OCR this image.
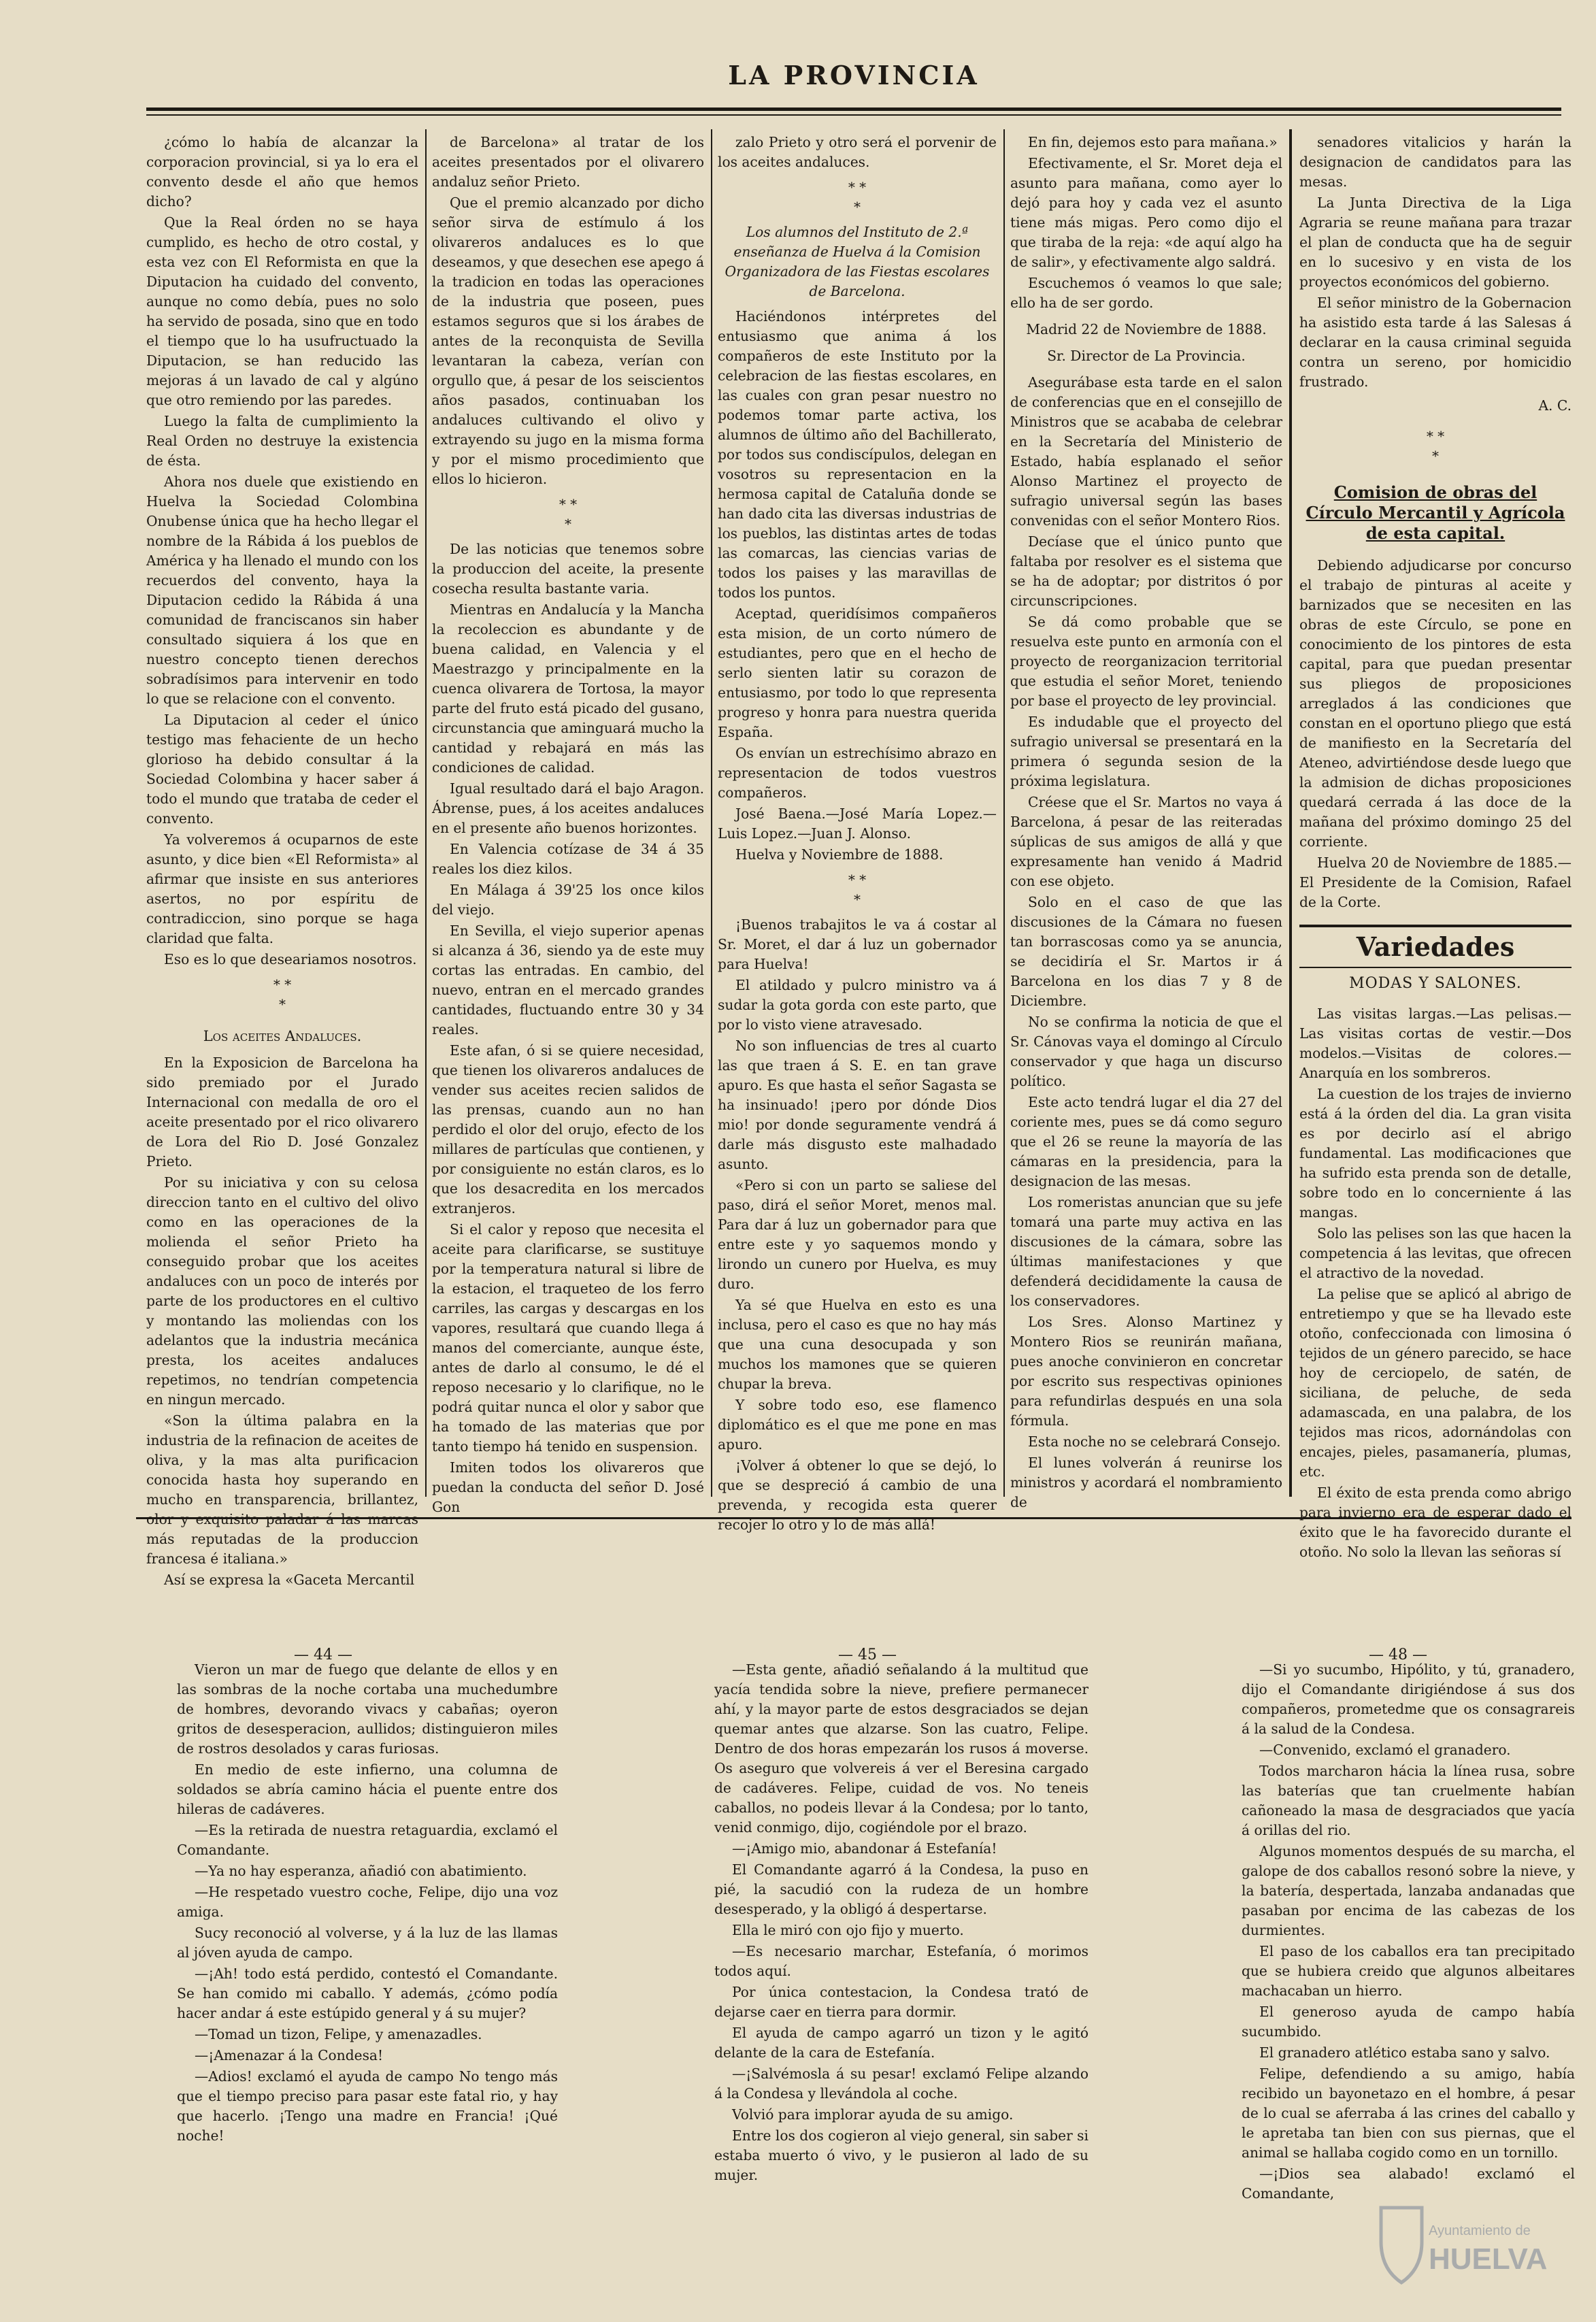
LA PROVINCIA

¿cómo lo había de alcanzar la corporacion provincial, si ya lo era el convento desde el año que hemos dicho?

Que la Real órden no se haya cumplido, es hecho de otro costal, y esta vez con El Reformista en que la Diputacion ha cuidado del convento, aunque no como debía, pues no solo ha servido de posada, sino que en todo el tiempo que lo ha usufructuado la Diputacion, se han reducido las mejoras á un lavado de cal y algúno que otro remiendo por las paredes.

Luego la falta de cumplimiento la Real Orden no destruye la existencia de ésta.

Ahora nos duele que existiendo en Huelva la Sociedad Colombina Onubense única que ha hecho llegar el nombre de la Rábida á los pueblos de América y ha llenado el mundo con los recuerdos del convento, haya la Diputacion cedido la Rábida á una comunidad de franciscanos sin haber consultado siquiera á los que en nuestro concepto tienen derechos sobradísimos para intervenir en todo lo que se relacione con el convento.

La Diputacion al ceder el único testigo mas fehaciente de un hecho glorioso ha debido consultar á la Sociedad Colombina y hacer saber á todo el mundo que trataba de ceder el convento.

Ya volveremos á ocuparnos de este asunto, y dice bien «El Reformista» al afirmar que insiste en sus anteriores asertos, no por espíritu de contradiccion, sino porque se haga claridad que falta.

Eso es lo que deseariamos nosotros.

* *
*

Los aceites Andaluces.

En la Exposicion de Barcelona ha sido premiado por el Jurado Internacional con medalla de oro el aceite presentado por el rico olivarero de Lora del Rio D. José Gonzalez Prieto.

Por su iniciativa y con su celosa direccion tanto en el cultivo del olivo como en las operaciones de la molienda el señor Prieto ha conseguido probar que los aceites andaluces con un poco de interés por parte de los productores en el cultivo y montando las moliendas con los adelantos que la industria mecánica presta, los aceites andaluces repetimos, no tendrían competencia en ningun mercado.

«Son la última palabra en la industria de la refinacion de aceites de oliva, y la mas alta purificacion conocida hasta hoy superando en mucho en transparencia, brillantez, olor y exquisito paladar á las marcas más reputadas de la produccion francesa é italiana.»

Así se expresa la «Gaceta Mercantil

de Barcelona» al tratar de los aceites presentados por el olivarero andaluz señor Prieto.

Que el premio alcanzado por dicho señor sirva de estímulo á los olivareros andaluces es lo que deseamos, y que desechen ese apego á la tradicion en todas las operaciones de la industria que poseen, pues estamos seguros que si los árabes de antes de la reconquista de Sevilla levantaran la cabeza, verían con orgullo que, á pesar de los seiscientos años pasados, continuaban los andaluces cultivando el olivo y extrayendo su jugo en la misma forma y por el mismo procedimiento que ellos lo hicieron.

* *
*

De las noticias que tenemos sobre la produccion del aceite, la presente cosecha resulta bastante varia.

Mientras en Andalucía y la Mancha la recoleccion es abundante y de buena calidad, en Valencia y el Maestrazgo y principalmente en la cuenca olivarera de Tortosa, la mayor parte del fruto está picado del gusano, circunstancia que aminguará mucho la cantidad y rebajará en más las condiciones de calidad.

Igual resultado dará el bajo Aragon. Ábrense, pues, á los aceites andaluces en el presente año buenos horizontes.

En Valencia cotízase de 34 á 35 reales los diez kilos.

En Málaga á 39'25 los once kilos del viejo.

En Sevilla, el viejo superior apenas si alcanza á 36, siendo ya de este muy cortas las entradas. En cambio, del nuevo, entran en el mercado grandes cantidades, fluctuando entre 30 y 34 reales.

Este afan, ó si se quiere necesidad, que tienen los olivareros andaluces de vender sus aceites recien salidos de las prensas, cuando aun no han perdido el olor del orujo, efecto de los millares de partículas que contienen, y por consiguiente no están claros, es lo que los desacredita en los mercados extranjeros.

Si el calor y reposo que necesita el aceite para clarificarse, se sustituye por la temperatura natural si libre de la estacion, el traqueteo de los ferro carriles, las cargas y descargas en los vapores, resultará que cuando llega á manos del comerciante, aunque éste, antes de darlo al consumo, le dé el reposo necesario y lo clarifique, no le podrá quitar nunca el olor y sabor que ha tomado de las materias que por tanto tiempo há tenido en suspension.

Imiten todos los olivareros que puedan la conducta del señor D. José Gon

zalo Prieto y otro será el porvenir de los aceites andaluces.

* *
*

Los alumnos del Instituto de 2.ª enseñanza de Huelva á la Comision Organizadora de las Fiestas escolares de Barcelona.

Haciéndonos intérpretes del entusiasmo que anima á los compañeros de este Instituto por la celebracion de las fiestas escolares, en las cuales con gran pesar nuestro no podemos tomar parte activa, los alumnos de último año del Bachillerato, por todos sus condiscípulos, delegan en vosotros su representacion en la hermosa capital de Cataluña donde se han dado cita las diversas industrias de los pueblos, las distintas artes de todas las comarcas, las ciencias varias de todos los paises y las maravillas de todos los puntos.

Aceptad, queridísimos compañeros esta mision, de un corto número de estudiantes, pero que en el hecho de serlo sienten latir su corazon de entusiasmo, por todo lo que representa progreso y honra para nuestra querida España.

Os envían un estrechísimo abrazo en representacion de todos vuestros compañeros.

José Baena.—José María Lopez.—Luis Lopez.—Juan J. Alonso.

Huelva y Noviembre de 1888.

* *
*

¡Buenos trabajitos le va á costar al Sr. Moret, el dar á luz un gobernador para Huelva!

El atildado y pulcro ministro va á sudar la gota gorda con este parto, que por lo visto viene atravesado.

No son influencias de tres al cuarto las que traen á S. E. en tan grave apuro. Es que hasta el señor Sagasta se ha insinuado! ¡pero por dónde Dios mio! por donde seguramente vendrá á darle más disgusto este malhadado asunto.

«Pero si con un parto se saliese del paso, dirá el señor Moret, menos mal. Para dar á luz un gobernador para que entre este y yo saquemos mondo y lirondo un cunero por Huelva, es muy duro.

Ya sé que Huelva en esto es una inclusa, pero el caso es que no hay más que una cuna desocupada y son muchos los mamones que se quieren chupar la breva.

Y sobre todo eso, ese flamenco diplomático es el que me pone en mas apuro.

¡Volver á obtener lo que se dejó, lo que se despreció á cambio de una prevenda, y recogida esta querer recojer lo otro y lo de más allá!

En fin, dejemos esto para mañana.»

Efectivamente, el Sr. Moret deja el asunto para mañana, como ayer lo dejó para hoy y cada vez el asunto tiene más migas. Pero como dijo el que tiraba de la reja: «de aquí algo ha de salir», y efectivamente algo saldrá.

Escuchemos ó veamos lo que sale; ello ha de ser gordo.

Madrid 22 de Noviembre de 1888.

Sr. Director de La Provincia.

Asegurábase esta tarde en el salon de conferencias que en el consejillo de Ministros que se acababa de celebrar en la Secretaría del Ministerio de Estado, había esplanado el señor Alonso Martinez el proyecto de sufragio universal según las bases convenidas con el señor Montero Rios.

Decíase que el único punto que faltaba por resolver es el sistema que se ha de adoptar; por distritos ó por circunscripciones.

Se dá como probable que se resuelva este punto en armonía con el proyecto de reorganizacion territorial que estudia el señor Moret, teniendo por base el proyecto de ley provincial.

Es indudable que el proyecto del sufragio universal se presentará en la primera ó segunda sesion de la próxima legislatura.

Créese que el Sr. Martos no vaya á Barcelona, á pesar de las reiteradas súplicas de sus amigos de allá y que expresamente han venido á Madrid con ese objeto.

Solo en el caso de que las discusiones de la Cámara no fuesen tan borrascosas como ya se anuncia, se decidiría el Sr. Martos ir á Barcelona en los dias 7 y 8 de Diciembre.

No se confirma la noticia de que el Sr. Cánovas vaya el domingo al Círculo conservador y que haga un discurso político.

Este acto tendrá lugar el dia 27 del coriente mes, pues se dá como seguro que el 26 se reune la mayoría de las cámaras en la presidencia, para la designacion de las mesas.

Los romeristas anuncian que su jefe tomará una parte muy activa en las discusiones de la cámara, sobre las últimas manifestaciones y que defenderá decididamente la causa de los conservadores.

Los Sres. Alonso Martinez y Montero Rios se reunirán mañana, pues anoche convinieron en concretar por escrito sus respectivas opiniones para refundirlas después en una sola fórmula.

Esta noche no se celebrará Consejo.

El lunes volverán á reunirse los ministros y acordará el nombramiento de

senadores vitalicios y harán la designacion de candidatos para las mesas.

La Junta Directiva de la Liga Agraria se reune mañana para trazar el plan de conducta que ha de seguir en lo sucesivo y en vista de los proyectos económicos del gobierno.

El señor ministro de la Gobernacion ha asistido esta tarde á las Salesas á declarar en la causa criminal seguida contra un sereno, por homicidio frustrado.

A. C.

* *
*

Comision de obras del Círculo Mercantil y Agrícola de esta capital.

Debiendo adjudicarse por concurso el trabajo de pinturas al aceite y barnizados que se necesiten en las obras de este Círculo, se pone en conocimiento de los pintores de esta capital, para que puedan presentar sus pliegos de proposiciones arreglados á las condiciones que constan en el oportuno pliego que está de manifiesto en la Secretaría del Ateneo, advirtiéndose desde luego que la admision de dichas proposiciones quedará cerrada á las doce de la mañana del próximo domingo 25 del corriente.

Huelva 20 de Noviembre de 1885.—El Presidente de la Comision, Rafael de la Corte.

Variedades

MODAS Y SALONES.

Las visitas largas.—Las pelisas.—Las visitas cortas de vestir.—Dos modelos.—Visitas de colores.—Anarquía en los sombreros.

La cuestion de los trajes de invierno está á la órden del dia. La gran visita es por decirlo así el abrigo fundamental. Las modificaciones que ha sufrido esta prenda son de detalle, sobre todo en lo concerniente á las mangas.

Solo las pelises son las que hacen la competencia á las levitas, que ofrecen el atractivo de la novedad.

La pelise que se aplicó al abrigo de entretiempo y que se ha llevado este otoño, confeccionada con limosina ó tejidos de un género parecido, se hace hoy de cerciopelo, de satén, de siciliana, de peluche, de seda adamascada, en una palabra, de los tejidos mas ricos, adornándolas con encajes, pieles, pasamanería, plumas, etc.

El éxito de esta prenda como abrigo para invierno era de esperar dado el éxito que le ha favorecido durante el otoño. No solo la llevan las señoras sí

— 44 —	— 45 —	— 48 —

Vieron un mar de fuego que delante de ellos y en las sombras de la noche cortaba una muchedumbre de hombres, devorando vivacs y cabañas; oyeron gritos de desesperacion, aullidos; distinguieron miles de rostros desolados y caras furiosas.

En medio de este infierno, una columna de soldados se abría camino hácia el puente entre dos hileras de cadáveres.

—Es la retirada de nuestra retaguardia, exclamó el Comandante.

—Ya no hay esperanza, añadió con abatimiento.

—He respetado vuestro coche, Felipe, dijo una voz amiga.

Sucy reconoció al volverse, y á la luz de las llamas al jóven ayuda de campo.

—¡Ah! todo está perdido, contestó el Comandante. Se han comido mi caballo. Y además, ¿cómo podía hacer andar á este estúpido general y á su mujer?

—Tomad un tizon, Felipe, y amenazadles.

—¡Amenazar á la Condesa!

—Adios! exclamó el ayuda de campo No tengo más que el tiempo preciso para pasar este fatal rio, y hay que hacerlo. ¡Tengo una madre en Francia! ¡Qué noche!

—Esta gente, añadió señalando á la multitud que yacía tendida sobre la nieve, prefiere permanecer ahí, y la mayor parte de estos desgraciados se dejan quemar antes que alzarse. Son las cuatro, Felipe. Dentro de dos horas empezarán los rusos á moverse. Os aseguro que volvereis á ver el Beresina cargado de cadáveres. Felipe, cuidad de vos. No teneis caballos, no podeis llevar á la Condesa; por lo tanto, venid conmigo, dijo, cogiéndole por el brazo.

—¡Amigo mio, abandonar á Estefanía!

El Comandante agarró á la Condesa, la puso en pié, la sacudió con la rudeza de un hombre desesperado, y la obligó á despertarse.

Ella le miró con ojo fijo y muerto.

—Es necesario marchar, Estefanía, ó morimos todos aquí.

Por única contestacion, la Condesa trató de dejarse caer en tierra para dormir.

El ayuda de campo agarró un tizon y le agitó delante de la cara de Estefanía.

—¡Salvémosla á su pesar! exclamó Felipe alzando á la Condesa y llevándola al coche.

Volvió para implorar ayuda de su amigo.

Entre los dos cogieron al viejo general, sin saber si estaba muerto ó vivo, y le pusieron al lado de su mujer.

—Si yo sucumbo, Hipólito, y tú, granadero, dijo el Comandante dirigiéndose á sus dos compañeros, prometedme que os consagrareis á la salud de la Condesa.

—Convenido, exclamó el granadero.

Todos marcharon hácia la línea rusa, sobre las baterías que tan cruelmente habían cañoneado la masa de desgraciados que yacía á orillas del rio.

Algunos momentos después de su marcha, el galope de dos caballos resonó sobre la nieve, y la batería, despertada, lanzaba andanadas que pasaban por encima de las cabezas de los durmientes.

El paso de los caballos era tan precipitado que se hubiera creido que algunos albeitares machacaban un hierro.

El generoso ayuda de campo había sucumbido.

El granadero atlético estaba sano y salvo.

Felipe, defendiendo a su amigo, había recibido un bayonetazo en el hombre, á pesar de lo cual se aferraba á las crines del caballo y le apretaba tan bien con sus piernas, que el animal se hallaba cogido como en un tornillo.

—¡Dios sea alabado! exclamó el Comandante,

Ayuntamiento de
HUELVA
